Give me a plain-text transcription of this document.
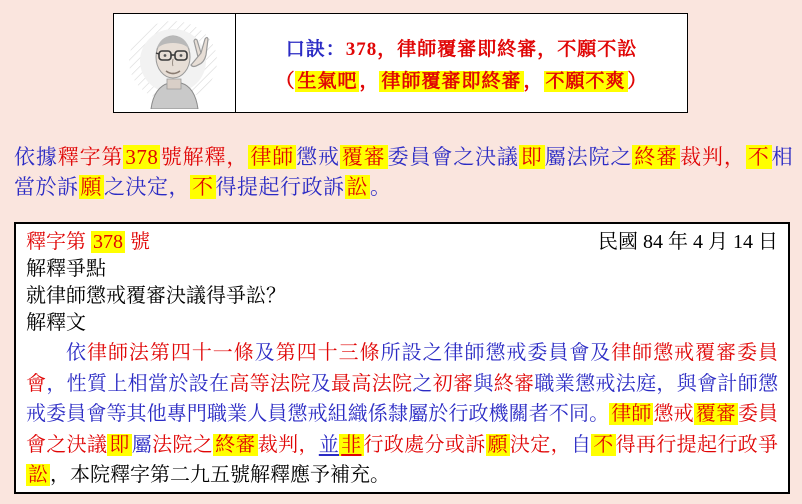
口訣：378，律師覆審即終審，不願不訟
（ 生氣吧 ， 律師覆審即終審 ， 不願不爽 ）
依據釋字第378號解釋，律師懲戒覆審委員會之決議即屬法院之終審裁判，不相當於訴願之決定，不得提起行政訴訟。
釋字第 378 號	民國 84 年 4 月 14 日
解釋爭點
就律師懲戒覆審決議得爭訟？
解釋文
依律師法第四十一條及第四十三條所設之律師懲戒委員會及律師懲戒覆審委員會，性質上相當於設在高等法院及最高法院之初審與終審職業懲戒法庭，與會計師懲戒委員會等其他專門職業人員懲戒組織係隸屬於行政機關者不同。 律師 懲戒 覆審 委員會之決議 即 屬法院之 終審 裁判，並 非 行政處分或訴 願 決定，自 不 得再行提起行政爭訟 ，本院釋字第二九五號解釋應予補充。
